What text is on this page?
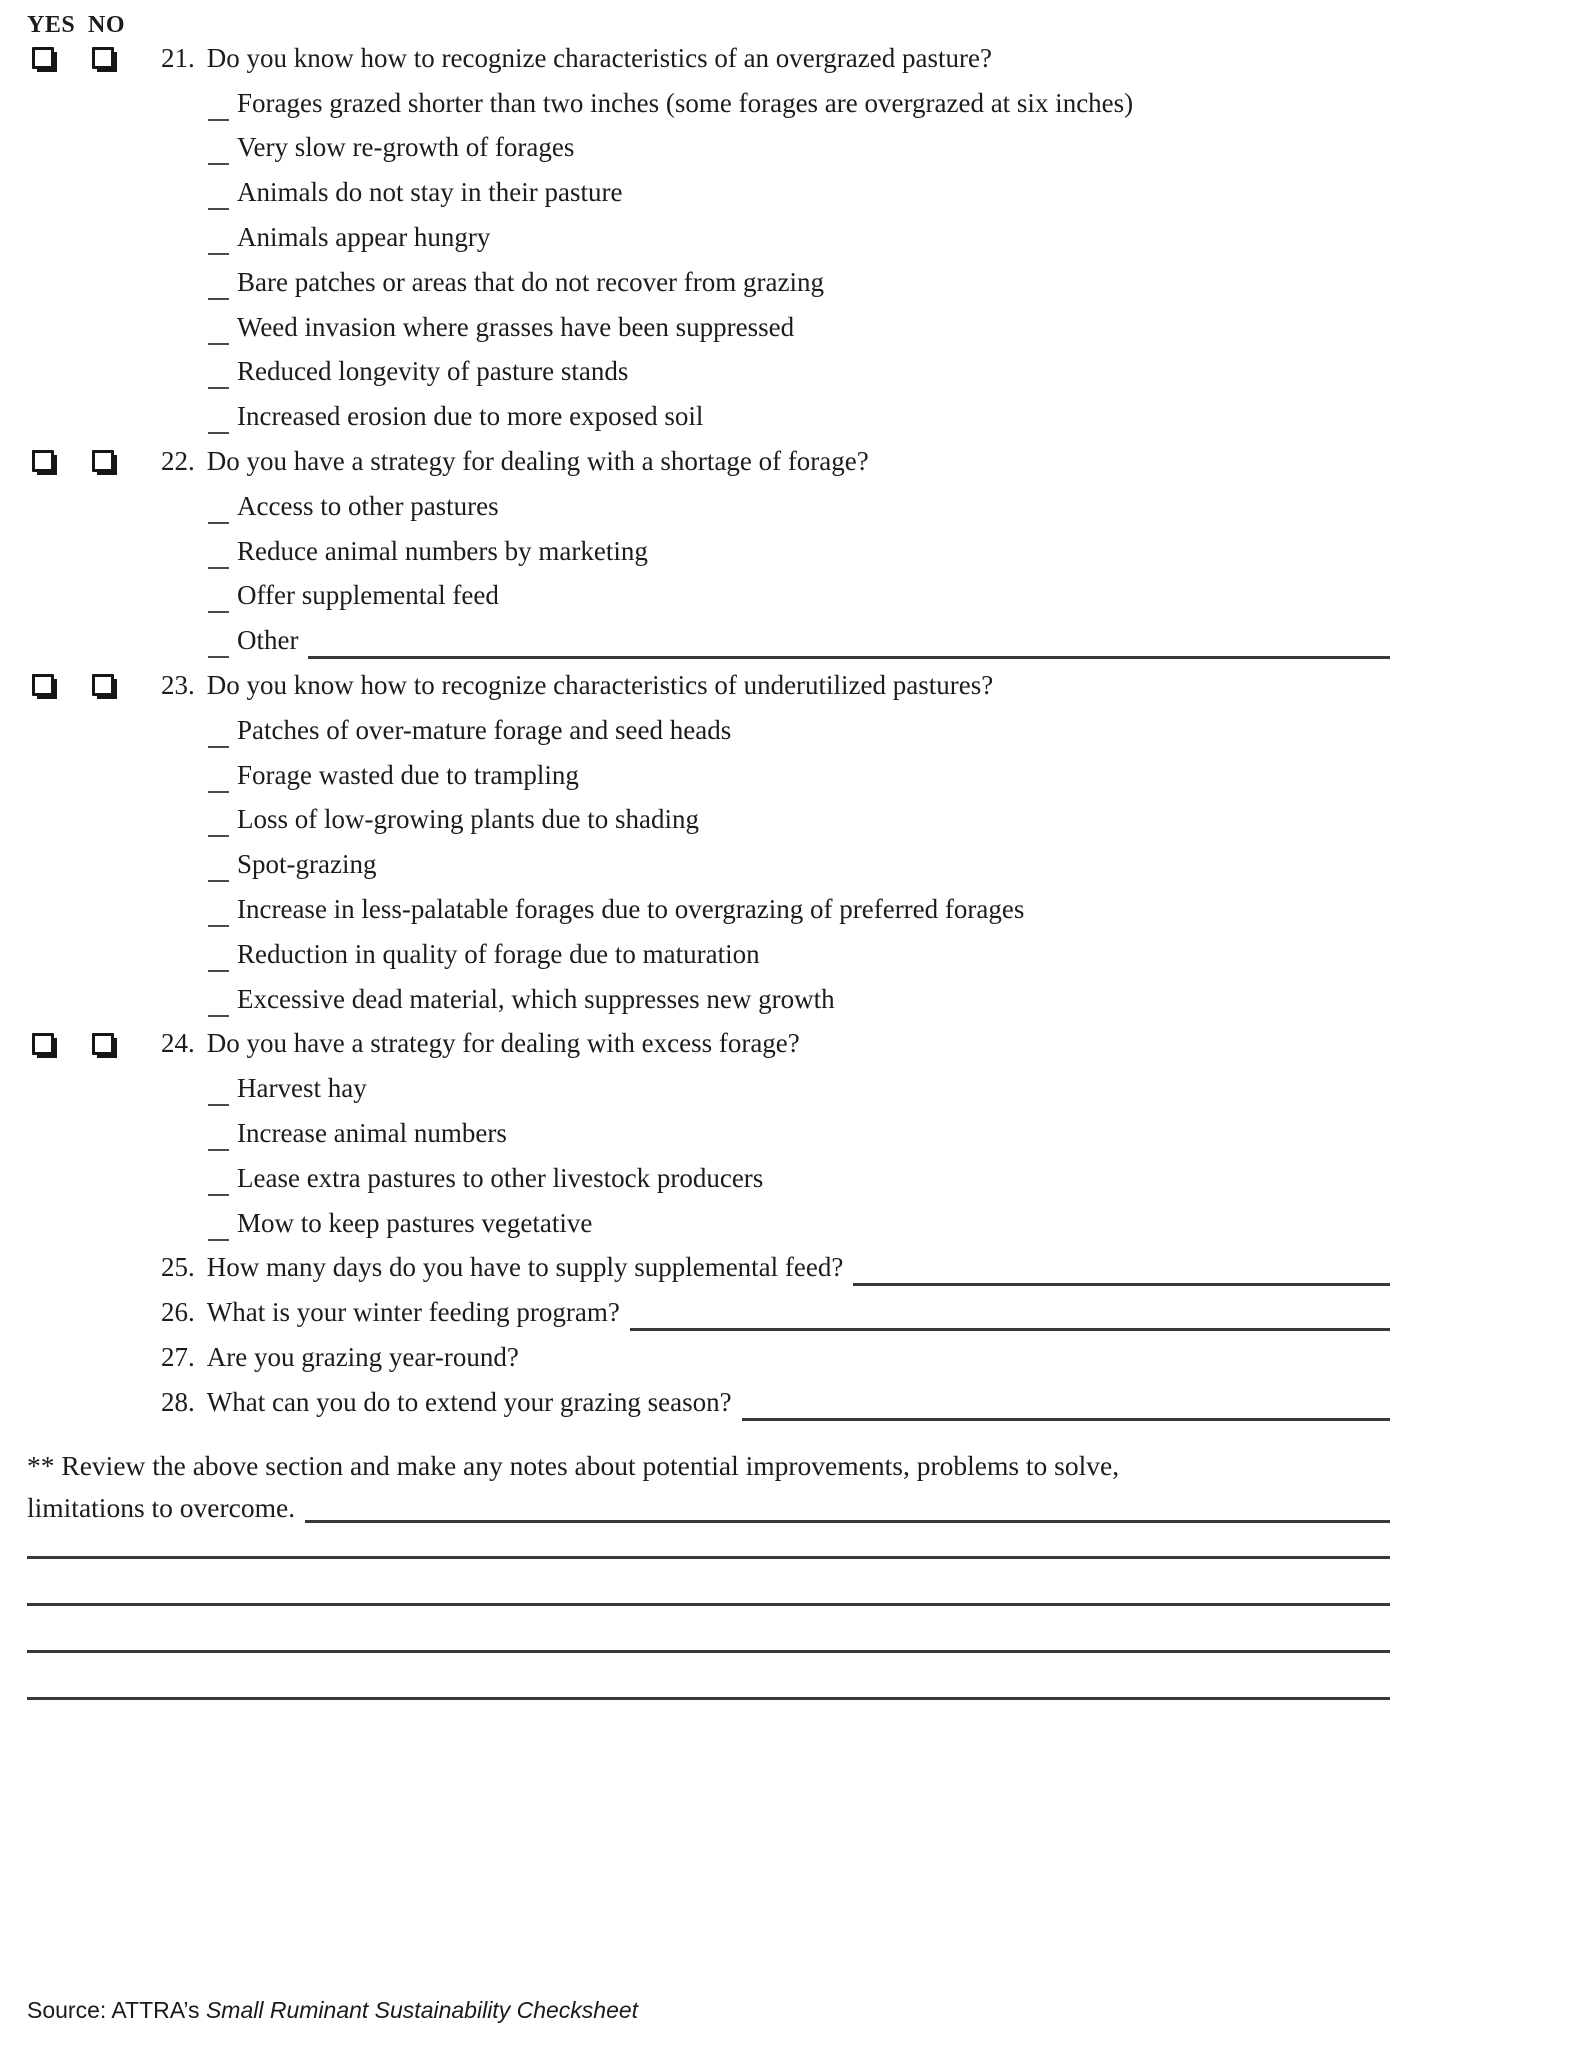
YES NO
21. Do you know how to recognize characteristics of an overgrazed pasture?
Forages grazed shorter than two inches (some forages are overgrazed at six inches)
Very slow re-growth of forages
Animals do not stay in their pasture
Animals appear hungry
Bare patches or areas that do not recover from grazing
Weed invasion where grasses have been suppressed
Reduced longevity of pasture stands
Increased erosion due to more exposed soil
22. Do you have a strategy for dealing with a shortage of forage?
Access to other pastures
Reduce animal numbers by marketing
Offer supplemental feed
Other
23. Do you know how to recognize characteristics of underutilized pastures?
Patches of over-mature forage and seed heads
Forage wasted due to trampling
Loss of low-growing plants due to shading
Spot-grazing
Increase in less-palatable forages due to overgrazing of preferred forages
Reduction in quality of forage due to maturation
Excessive dead material, which suppresses new growth
24. Do you have a strategy for dealing with excess forage?
Harvest hay
Increase animal numbers
Lease extra pastures to other livestock producers
Mow to keep pastures vegetative
25. How many days do you have to supply supplemental feed?
26. What is your winter feeding program?
27. Are you grazing year-round?
28. What can you do to extend your grazing season?
** Review the above section and make any notes about potential improvements, problems to solve,
limitations to overcome.
Source: ATTRA’s Small Ruminant Sustainability Checksheet
